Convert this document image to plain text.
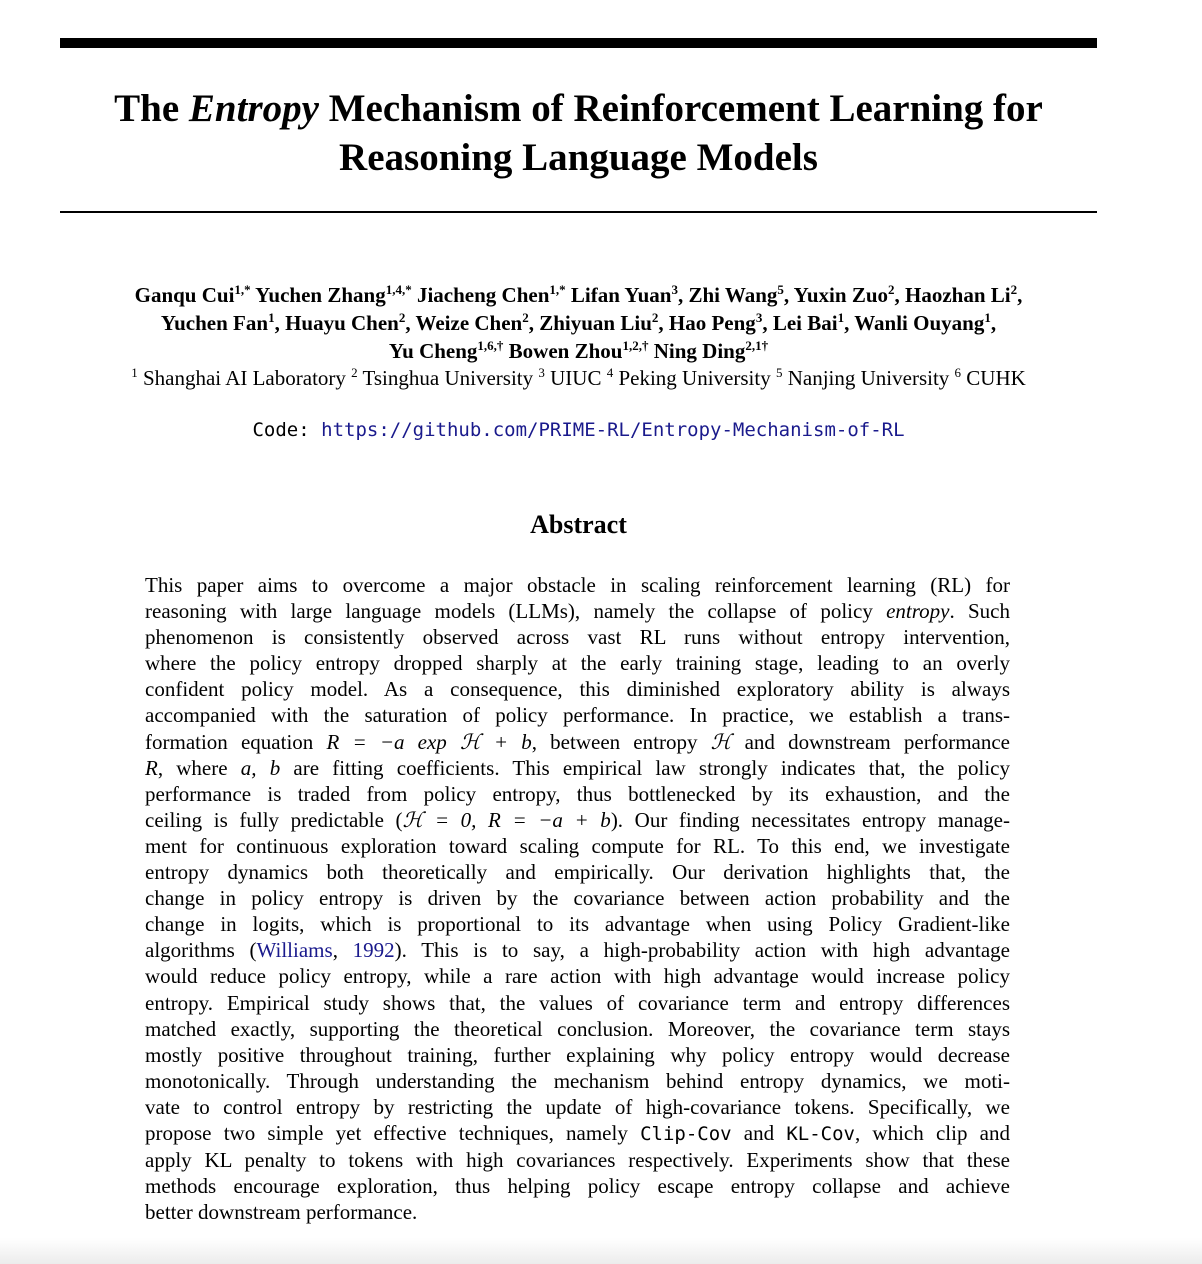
The Entropy Mechanism of Reinforcement Learning for
Reasoning Language Models
Ganqu Cui$^{1,*}$ Yuchen Zhang$^{1,4,*}$ Jiacheng Chen$^{1,*}$ Lifan Yuan$^3$, Zhi Wang$^5$, Yuxin Zuo$^2$, Haozhan Li$^2$,
Yuchen Fan$^1$, Huayu Chen$^2$, Weize Chen$^2$, Zhiyuan Liu$^2$, Hao Peng$^3$, Lei Bai$^1$, Wanli Ouyang$^1$,
Yu Cheng$^{1,6,\dagger}$ Bowen Zhou$^{1,2,\dagger}$ Ning Ding$^{2,1\dagger}$
$^1$ Shanghai AI Laboratory $^2$ Tsinghua University $^3$ UIUC $^4$ Peking University $^5$ Nanjing University $^6$ CUHK
Code: https://github.com/PRIME-RL/Entropy-Mechanism-of-RL
Abstract
This paper aims to overcome a major obstacle in scaling reinforcement learning (RL) for
reasoning with large language models (LLMs), namely the collapse of policy entropy. Such
phenomenon is consistently observed across vast RL runs without entropy intervention,
where the policy entropy dropped sharply at the early training stage, leading to an overly
confident policy model. As a consequence, this diminished exploratory ability is always
accompanied with the saturation of policy performance. In practice, we establish a trans-
formation equation R = −a exp ℋ + b, between entropy ℋ and downstream performance
R, where a, b are fitting coefficients. This empirical law strongly indicates that, the policy
performance is traded from policy entropy, thus bottlenecked by its exhaustion, and the
ceiling is fully predictable (ℋ = 0, R = −a + b). Our finding necessitates entropy manage-
ment for continuous exploration toward scaling compute for RL. To this end, we investigate
entropy dynamics both theoretically and empirically. Our derivation highlights that, the
change in policy entropy is driven by the covariance between action probability and the
change in logits, which is proportional to its advantage when using Policy Gradient-like
algorithms (Williams, 1992). This is to say, a high-probability action with high advantage
would reduce policy entropy, while a rare action with high advantage would increase policy
entropy. Empirical study shows that, the values of covariance term and entropy differences
matched exactly, supporting the theoretical conclusion. Moreover, the covariance term stays
mostly positive throughout training, further explaining why policy entropy would decrease
monotonically. Through understanding the mechanism behind entropy dynamics, we moti-
vate to control entropy by restricting the update of high-covariance tokens. Specifically, we
propose two simple yet effective techniques, namely Clip-Cov and KL-Cov, which clip and
apply KL penalty to tokens with high covariances respectively. Experiments show that these
methods encourage exploration, thus helping policy escape entropy collapse and achieve
better downstream performance.
